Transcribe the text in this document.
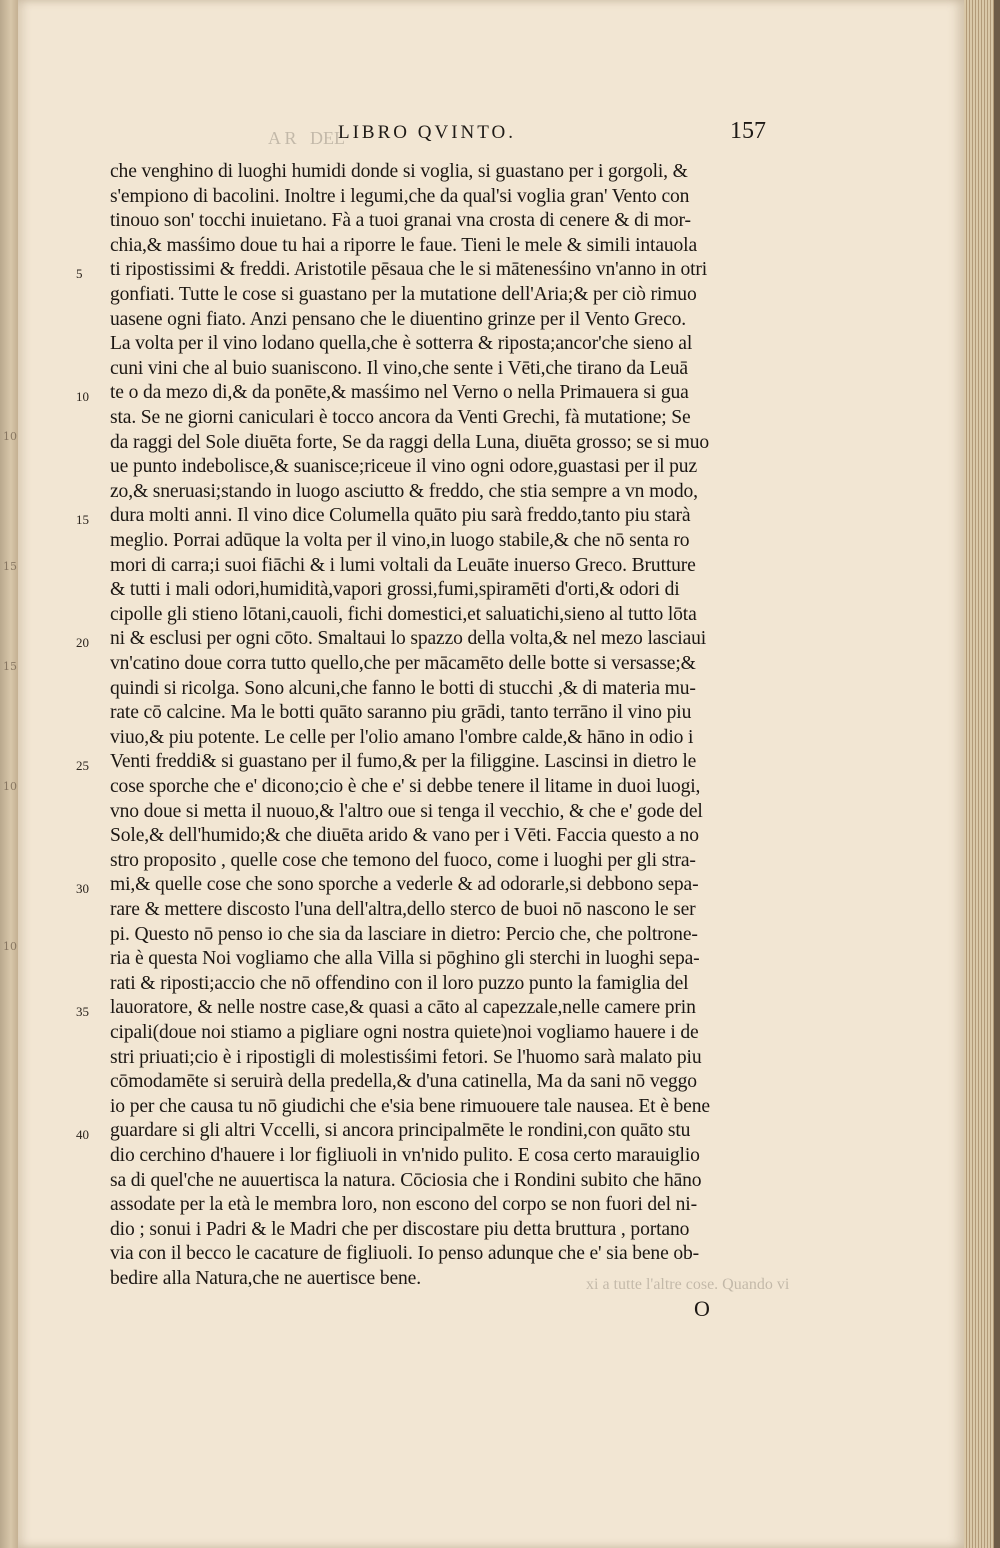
10
15
15
10
10
DEL
A R LIBRO QVINTO.	157
che venghino di luoghi humidi donde si voglia, si guastano per i gorgoli, &
s'empiono di bacolini. Inoltre i legumi,che da qual'si voglia gran' Vento con
tinouo son' tocchi inuietano. Fà a tuoi granai vna crosta di cenere & di mor-
chia,& masśimo doue tu hai a riporre le faue. Tieni le mele & simili intauola
ti ripostissimi & freddi. Aristotile pēsaua che le si mātenesśino vn'anno in otri
gonfiati. Tutte le cose si guastano per la mutatione dell'Aria;& per ciò rimuo
uasene ogni fiato. Anzi pensano che le diuentino grinze per il Vento Greco.
La volta per il vino lodano quella,che è sotterra & riposta;ancor'che sieno al
cuni vini che al buio suanisconο. Il vino,che sente i Vēti,che tirano da Leuā
te o da mezo di,& da ponēte,& masśimo nel Verno o nella Primauera si gua
sta. Se ne giorni caniculari è tocco ancora da Venti Grechi, fà mutatione; Se
da raggi del Sole diuēta forte, Se da raggi della Luna, diuēta grosso; se si muo
ue punto indebolisce,& suanisce;riceue il vino ogni odore,guastasi per il puz
zo,& sneruasi;stando in luogo asciutto & freddo, che stia sempre a vn modo,
dura molti anni. Il vino dice Columella quāto piu sarà freddo,tanto piu starà
meglio. Porrai adūque la volta per il vino,in luogo stabile,& che nō senta ro
mori di carra;i suoi fiāchi & i lumi voltali da Leuāte inuerso Greco. Brutture
& tutti i mali odori,humidità,vapori grossi,fumi,spiramēti d'orti,& odori di
cipolle gli stieno lōtani,cauoli, fichi domestici,et saluatichi,sieno al tutto lōta
ni & esclusi per ogni cōto. Smaltaui lo spazzo della volta,& nel mezo lasciaui
vn'catino doue corra tutto quello,che per mācamēto delle botte si versasse;&
quindi si ricolga. Sono alcuni,che fanno le botti di stucchi ,& di materia mu-
rate cō calcine. Ma le botti quāto saranno piu grādi, tanto terrāno il vino piu
viuo,& piu potente. Le celle per l'olio amano l'ombre calde,& hāno in odio i
Venti freddi& si guastano per il fumo,& per la filiggine. Lascinsi in dietro le
cose sporche che e' dicono;cio è che e' si debbe tenere il litame in duoi luogi,
vno doue si metta il nuouo,& l'altro oue si tenga il vecchio, & che e' gode del
Sole,& dell'humido;& che diuēta arido & vano per i Vēti. Faccia questo a no
stro proposito , quelle cose che temono del fuoco, come i luoghi per gli stra-
mi,& quelle cose che sono sporche a vederle & ad odorarle,si debbono sepa-
rare & mettere discosto l'una dell'altra,dello sterco de buoi nō nascono le ser
pi. Questo nō penso io che sia da lasciare in dietro: Percio che, che poltrone-
ria è questa Noi vogliamo che alla Villa si pōghino gli sterchi in luoghi sepa-
rati & riposti;accio che nō offendino con il loro puzzo punto la famiglia del
lauoratore, & nelle nostre case,& quasi a cāto al capezzale,nelle camere prin
cipali(doue noi stiamo a pigliare ogni nostra quiete)noi vogliamo hauere i de
stri priuati;cio è i ripostigli di molestisśimi fetori. Se l'huomo sarà malato piu
cōmodamēte si seruirà della predella,& d'una catinella, Ma da sani nō veggo
io per che causa tu nō giudichi che e'sia bene rimuouere tale nausea. Et è bene
guardare si gli altri Vccelli, si ancora principalmēte le rondini,con quāto stu
dio cerchino d'hauere i lor figliuoli in vn'nido pulito. E cosa certo marauiglio
sa di quel'che ne auuertisca la natura. Cōciosia che i Rondini subito che hāno
assodate per la età le membra loro, non escono del corpo se non fuori del ni-
dio ; sonui i Padri & le Madri che per discostare piu detta bruttura , portano
via con il becco le cacature de figliuoli. Io penso adunque che e' sia bene ob-
bedire alla Natura,che ne auertisce bene.
5
10
15
20
25
30
35
40
xi a tutte l'altre cose. Quando vi
O
